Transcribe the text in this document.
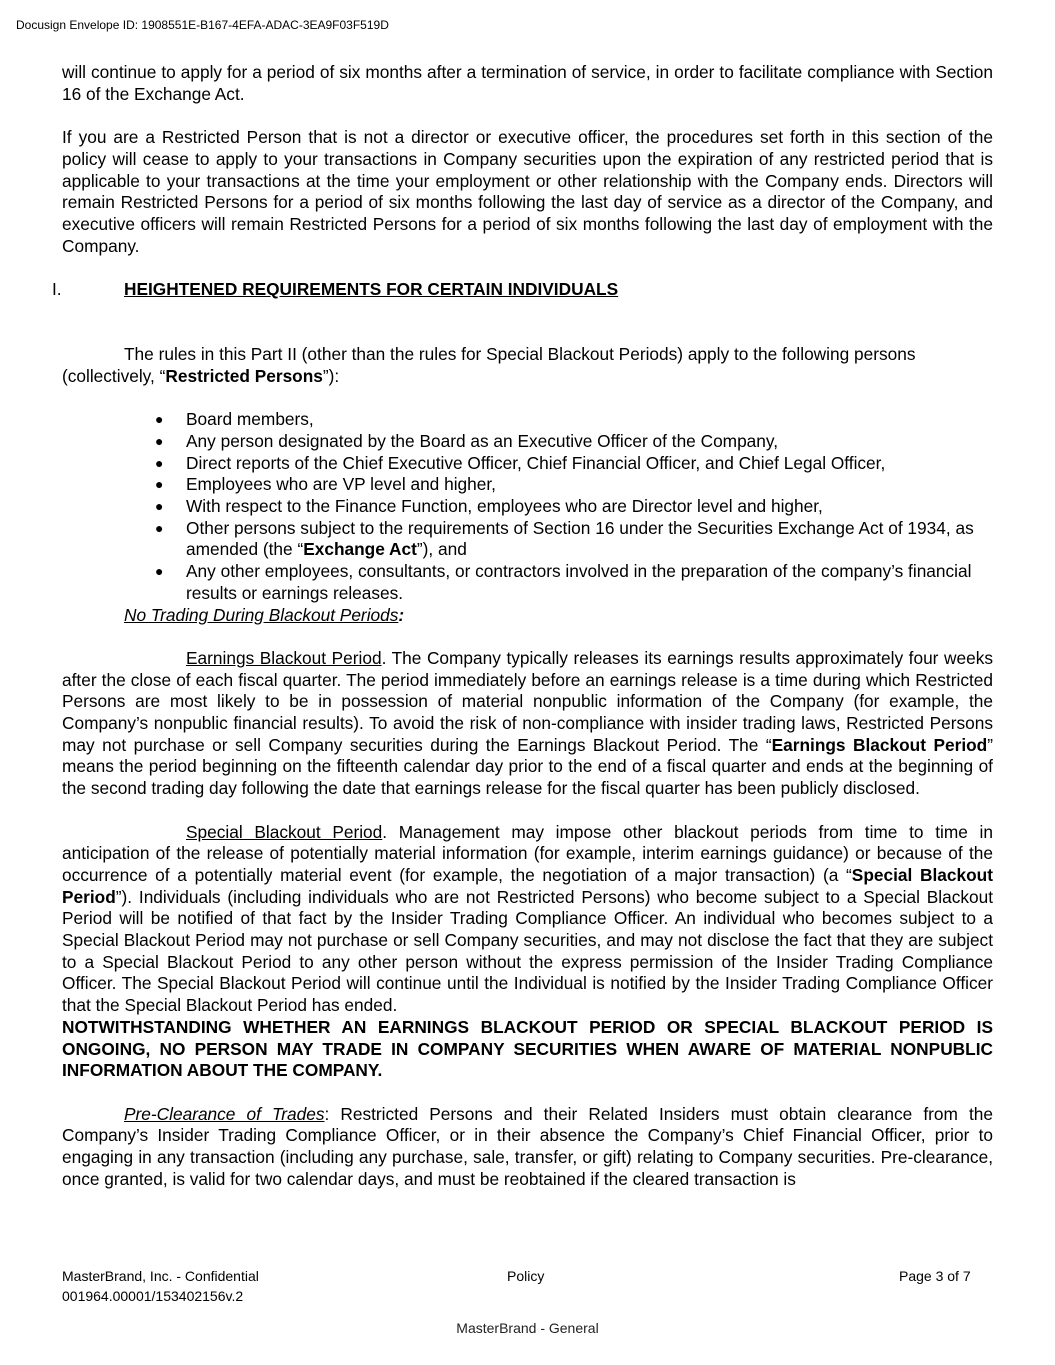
Docusign Envelope ID: 1908551E-B167-4EFA-ADAC-3EA9F03F519D

will continue to apply for a period of six months after a termination of service, in order to facilitate compliance with Section 16 of the Exchange Act.

If you are a Restricted Person that is not a director or executive officer, the procedures set forth in this section of the policy will cease to apply to your transactions in Company securities upon the expiration of any restricted period that is applicable to your transactions at the time your employment or other relationship with the Company ends. Directors will remain Restricted Persons for a period of six months following the last day of service as a director of the Company, and executive officers will remain Restricted Persons for a period of six months following the last day of employment with the Company.

I.	HEIGHTENED REQUIREMENTS FOR CERTAIN INDIVIDUALS

The rules in this Part II (other than the rules for Special Blackout Periods) apply to the following persons (collectively, “Restricted Persons”):

● Board members,
● Any person designated by the Board as an Executive Officer of the Company,
● Direct reports of the Chief Executive Officer, Chief Financial Officer, and Chief Legal Officer,
● Employees who are VP level and higher,
● With respect to the Finance Function, employees who are Director level and higher,
● Other persons subject to the requirements of Section 16 under the Securities Exchange Act of 1934, as amended (the “Exchange Act”), and
● Any other employees, consultants, or contractors involved in the preparation of the company’s financial results or earnings releases.

No Trading During Blackout Periods:

Earnings Blackout Period. The Company typically releases its earnings results approximately four weeks after the close of each fiscal quarter. The period immediately before an earnings release is a time during which Restricted Persons are most likely to be in possession of material nonpublic information of the Company (for example, the Company’s nonpublic financial results). To avoid the risk of non-compliance with insider trading laws, Restricted Persons may not purchase or sell Company securities during the Earnings Blackout Period. The “Earnings Blackout Period” means the period beginning on the fifteenth calendar day prior to the end of a fiscal quarter and ends at the beginning of the second trading day following the date that earnings release for the fiscal quarter has been publicly disclosed.

Special Blackout Period. Management may impose other blackout periods from time to time in anticipation of the release of potentially material information (for example, interim earnings guidance) or because of the occurrence of a potentially material event (for example, the negotiation of a major transaction) (a “Special Blackout Period”). Individuals (including individuals who are not Restricted Persons) who become subject to a Special Blackout Period will be notified of that fact by the Insider Trading Compliance Officer. An individual who becomes subject to a Special Blackout Period may not purchase or sell Company securities, and may not disclose the fact that they are subject to a Special Blackout Period to any other person without the express permission of the Insider Trading Compliance Officer. The Special Blackout Period will continue until the Individual is notified by the Insider Trading Compliance Officer that the Special Blackout Period has ended.

NOTWITHSTANDING WHETHER AN EARNINGS BLACKOUT PERIOD OR SPECIAL BLACKOUT PERIOD IS ONGOING, NO PERSON MAY TRADE IN COMPANY SECURITIES WHEN AWARE OF MATERIAL NONPUBLIC INFORMATION ABOUT THE COMPANY.

Pre-Clearance of Trades: Restricted Persons and their Related Insiders must obtain clearance from the Company’s Insider Trading Compliance Officer, or in their absence the Company’s Chief Financial Officer, prior to engaging in any transaction (including any purchase, sale, transfer, or gift) relating to Company securities. Pre-clearance, once granted, is valid for two calendar days, and must be reobtained if the cleared transaction is

MasterBrand, Inc. - Confidential
001964.00001/153402156v.2
Policy	Page 3 of 7
MasterBrand - General
